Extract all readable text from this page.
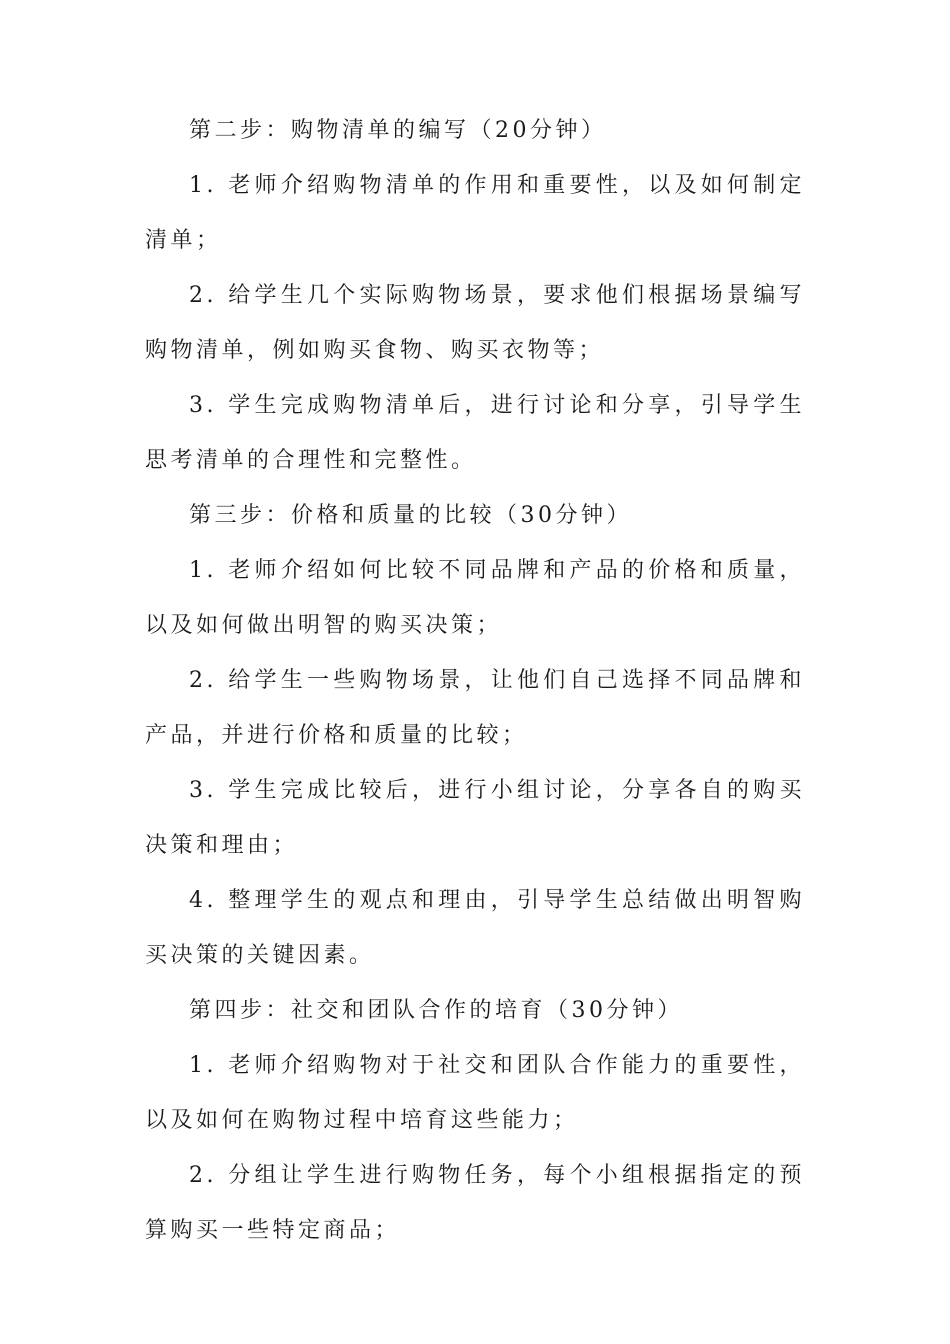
第二步：购物清单的编写（20分钟）

1. 老师介绍购物清单的作用和重要性，以及如何制定清单；

2. 给学生几个实际购物场景，要求他们根据场景编写购物清单，例如购买食物、购买衣物等；

3. 学生完成购物清单后，进行讨论和分享，引导学生思考清单的合理性和完整性。

第三步：价格和质量的比较（30分钟）

1. 老师介绍如何比较不同品牌和产品的价格和质量，以及如何做出明智的购买决策；

2. 给学生一些购物场景，让他们自己选择不同品牌和产品，并进行价格和质量的比较；

3. 学生完成比较后，进行小组讨论，分享各自的购买决策和理由；

4. 整理学生的观点和理由，引导学生总结做出明智购买决策的关键因素。

第四步：社交和团队合作的培育（30分钟）

1. 老师介绍购物对于社交和团队合作能力的重要性，以及如何在购物过程中培育这些能力；

2. 分组让学生进行购物任务，每个小组根据指定的预算购买一些特定商品；
